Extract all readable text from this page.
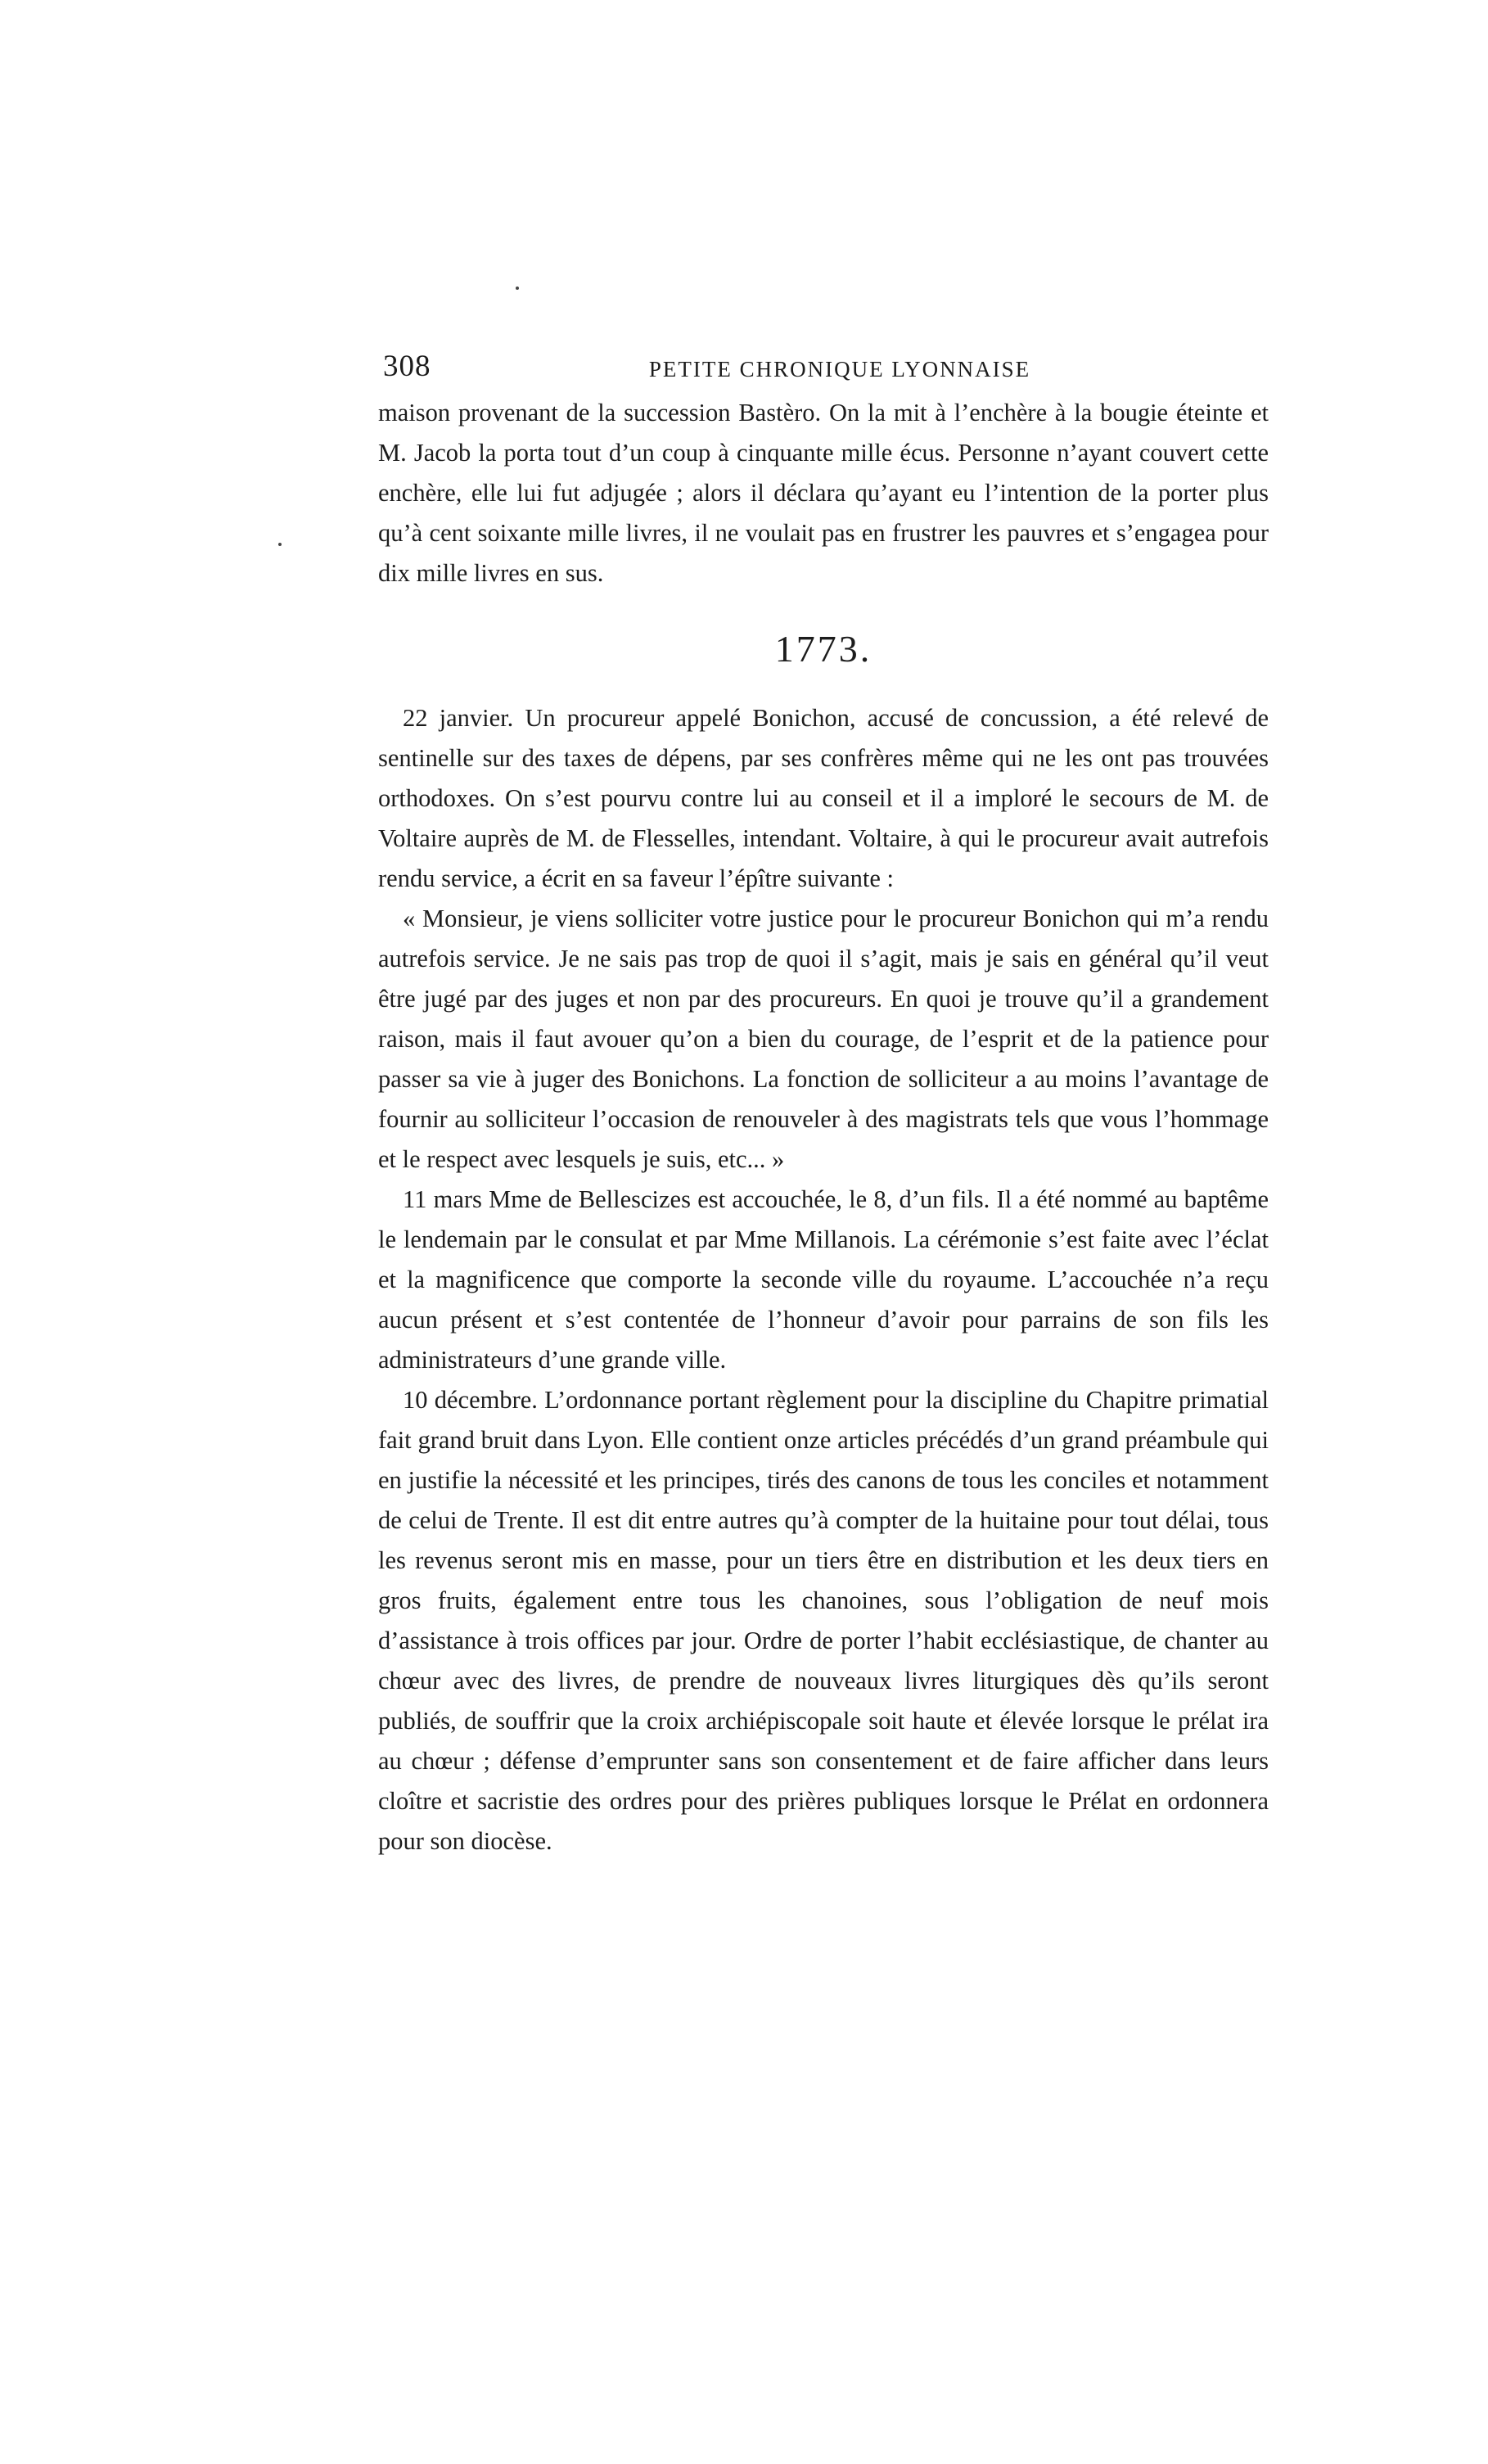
308	PETITE CHRONIQUE LYONNAISE

maison provenant de la succession Bastèro. On la mit à l’enchère à la bougie éteinte et M. Jacob la porta tout d’un coup à cinquante mille écus. Personne n’ayant couvert cette enchère, elle lui fut adjugée ; alors il déclara qu’ayant eu l’intention de la porter plus qu’à cent soixante mille livres, il ne voulait pas en frustrer les pauvres et s’engagea pour dix mille livres en sus.

1773.

22 janvier. Un procureur appelé Bonichon, accusé de concussion, a été relevé de sentinelle sur des taxes de dépens, par ses confrères même qui ne les ont pas trouvées orthodoxes. On s’est pourvu contre lui au conseil et il a imploré le secours de M. de Voltaire auprès de M. de Flesselles, intendant. Voltaire, à qui le procureur avait autrefois rendu service, a écrit en sa faveur l’épître suivante :

« Monsieur, je viens solliciter votre justice pour le procureur Bonichon qui m’a rendu autrefois service. Je ne sais pas trop de quoi il s’agit, mais je sais en général qu’il veut être jugé par des juges et non par des procureurs. En quoi je trouve qu’il a grandement raison, mais il faut avouer qu’on a bien du courage, de l’esprit et de la patience pour passer sa vie à juger des Bonichons. La fonction de solliciteur a au moins l’avantage de fournir au solliciteur l’occasion de renouveler à des magistrats tels que vous l’hommage et le respect avec lesquels je suis, etc... »

11 mars Mme de Bellescizes est accouchée, le 8, d’un fils. Il a été nommé au baptême le lendemain par le consulat et par Mme Millanois. La cérémonie s’est faite avec l’éclat et la magnificence que comporte la seconde ville du royaume. L’accouchée n’a reçu aucun présent et s’est contentée de l’honneur d’avoir pour parrains de son fils les administrateurs d’une grande ville.

10 décembre. L’ordonnance portant règlement pour la discipline du Chapitre primatial fait grand bruit dans Lyon. Elle contient onze articles précédés d’un grand préambule qui en justifie la nécessité et les principes, tirés des canons de tous les conciles et notamment de celui de Trente. Il est dit entre autres qu’à compter de la huitaine pour tout délai, tous les revenus seront mis en masse, pour un tiers être en distribution et les deux tiers en gros fruits, également entre tous les chanoines, sous l’obligation de neuf mois d’assistance à trois offices par jour. Ordre de porter l’habit ecclésiastique, de chanter au chœur avec des livres, de prendre de nouveaux livres liturgiques dès qu’ils seront publiés, de souffrir que la croix archiépiscopale soit haute et élevée lorsque le prélat ira au chœur ; défense d’emprunter sans son consentement et de faire afficher dans leurs cloître et sacristie des ordres pour des prières publiques lorsque le Prélat en ordonnera pour son diocèse.
